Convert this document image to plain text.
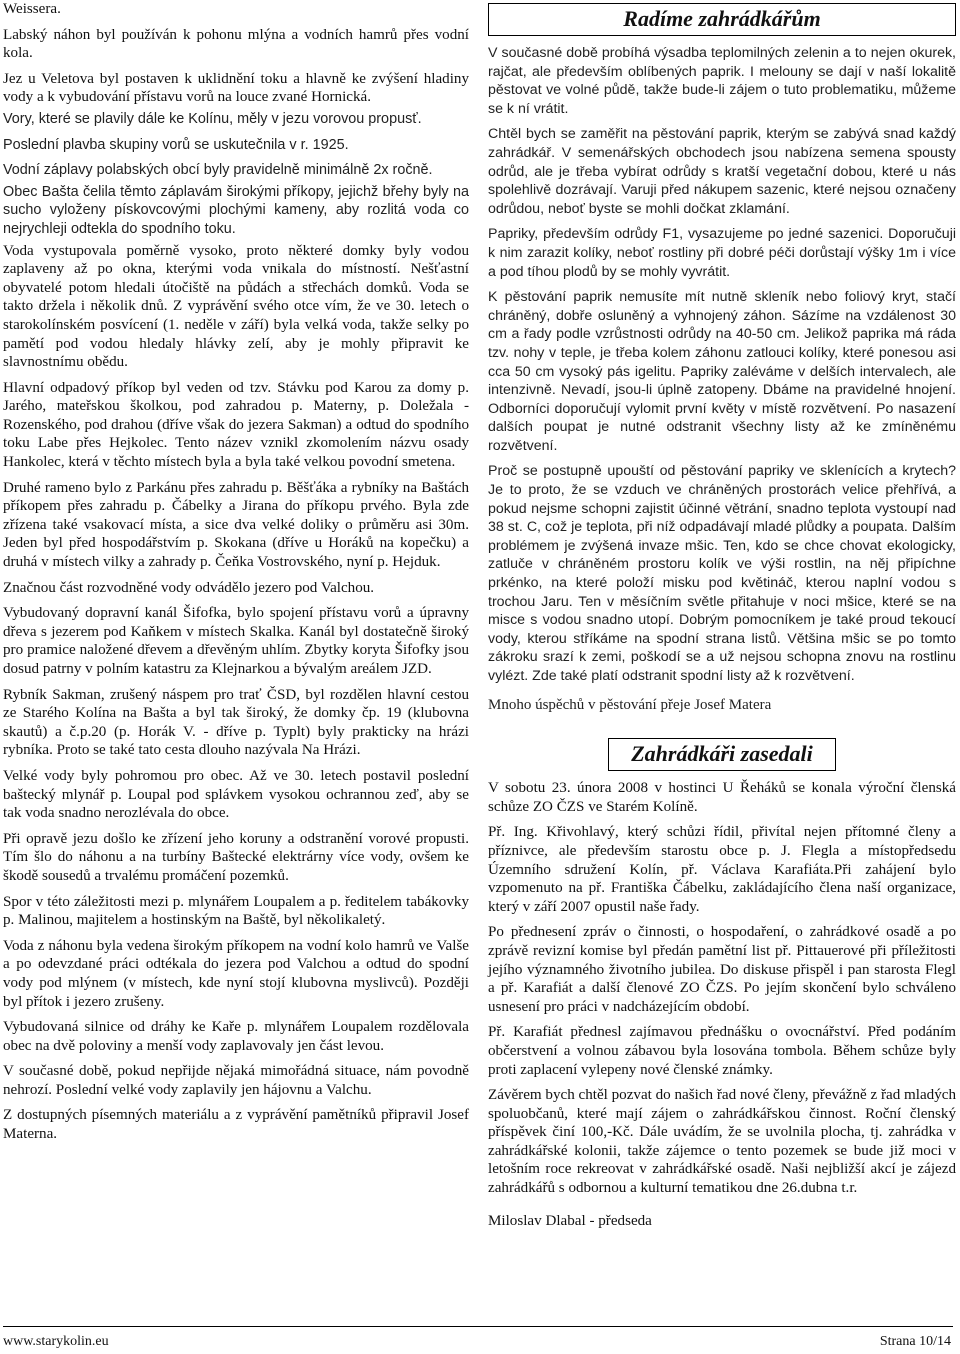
Weissera.

Labský náhon byl používán k pohonu mlýna a vodních hamrů přes vodní kola.

Jez u Veletova byl postaven k uklidnění toku a hlavně ke zvýšení hladiny vody a k vybudování přístavu vorů na louce zvané Hornická.

Vory, které se plavily dále ke Kolínu, měly v jezu vorovou propusť.

Poslední plavba skupiny vorů se uskutečnila v r. 1925.

Vodní záplavy polabských obcí byly pravidelně minimálně 2x ročně.

Obec Bašta čelila těmto záplavám širokými příkopy, jejichž břehy byly na sucho vyloženy pískovcovými plochými kameny, aby rozlitá voda co nejrychleji odtekla do spodního toku.

Voda vystupovala poměrně vysoko, proto některé domky byly vodou zaplaveny až po okna, kterými voda vnikala do místností. Nešťastní obyvatelé potom hledali útočiště na půdách a střechách domků. Voda se takto držela i několik dnů. Z vyprávění svého otce vím, že ve 30. letech o starokolínském posvícení (1. neděle v září) byla velká voda, takže selky po pamětí pod vodou hledaly hlávky zelí, aby je mohly připravit ke slavnostnímu obědu.

Hlavní odpadový příkop byl veden od tzv. Stávku pod Karou za domy p. Jarého, mateřskou školkou, pod zahradou p. Materny, p. Doležala - Rozenského, pod drahou (dříve však do jezera Sakman) a odtud do spodního toku Labe přes Hejkolec. Tento název vznikl zkomolením názvu osady Hankolec, která v těchto místech byla a byla také velkou povodní smetena.

Druhé rameno bylo z Parkánu přes zahradu p. Běšťáka a rybníky na Baštách příkopem přes zahradu p. Čábelky a Jirana do příkopu prvého. Byla zde zřízena také vsakovací místa, a sice dva velké doliky o průměru asi 30m. Jeden byl před hospodářstvím p. Skokana (dříve u Horáků na kopečku) a druhá v místech vilky a zahrady p. Čeňka Vostrovského, nyní p. Hejduk.

Značnou část rozvodněné vody odvádělo jezero pod Valchou.

Vybudovaný dopravní kanál Šifofka, bylo spojení přístavu vorů a úpravny dřeva s jezerem pod Kaňkem v místech Skalka. Kanál byl dostatečně široký pro pramice naložené dřevem a dřevěným uhlím. Zbytky koryta Šifofky jsou dosud patrny v polním katastru za Klejnarkou a bývalým areálem JZD.

Rybník Sakman, zrušený náspem pro trať ČSD, byl rozdělen hlavní cestou ze Starého Kolína na Bašta a byl tak široký, že domky čp. 19 (klubovna skautů) a č.p.20 (p. Horák V. - dříve p. Typlt) byly prakticky na hrázi rybníka. Proto se také tato cesta dlouho nazývala Na Hrázi.

Velké vody byly pohromou pro obec. Až ve 30. letech postavil poslední baštecký mlynář p. Loupal pod splávkem vysokou ochrannou zeď, aby se tak voda snadno nerozlévala do obce.

Při opravě jezu došlo ke zřízení jeho koruny a odstranění vorové propusti. Tím šlo do náhonu a na turbíny Baštecké elektrárny více vody, ovšem ke škodě sousedů a trvalému promáčení pozemků.

Spor v této záležitosti mezi p. mlynářem Loupalem a p. ředitelem tabákovky p. Malinou, majitelem a hostinským na Baště, byl několikaletý.

Voda z náhonu byla vedena širokým příkopem na vodní kolo hamrů ve Valše a po odevzdané práci odtékala do jezera pod Valchou a odtud do spodní vody pod mlýnem (v místech, kde nyní stojí klubovna myslivců). Později byl přítok i jezero zrušeny.

Vybudovaná silnice od dráhy ke Kaře p. mlynářem Loupalem rozdělovala obec na dvě poloviny a menší vody zaplavovaly jen část levou.

V současné době, pokud nepřijde nějaká mimořádná situace, nám povodně nehrozí. Poslední velké vody zaplavily jen hájovnu a Valchu.

Z dostupných písemných materiálu a z vyprávění pamětníků připravil Josef Materna.

Radíme zahrádkářům

V současné době probíhá výsadba teplomilných zelenin a to nejen okurek, rajčat, ale především oblíbených paprik. I melouny se dají v naší lokalitě pěstovat ve volné půdě, takže bude-li zájem o tuto problematiku, můžeme se k ní vrátit.

Chtěl bych se zaměřit na pěstování paprik, kterým se zabývá snad každý zahrádkář. V semenářských obchodech jsou nabízena semena spousty odrůd, ale je třeba vybírat odrůdy s kratší vegetační dobou, které u nás spolehlivě dozrávají. Varuji před nákupem sazenic, které nejsou označeny odrůdou, neboť byste se mohli dočkat zklamání.

Papriky, především odrůdy F1, vysazujeme po jedné sazenici. Doporučuji k nim zarazit kolíky, neboť rostliny při dobré péči dorůstají výšky 1m i více a pod tíhou plodů by se mohly vyvrátit.

K pěstování paprik nemusíte mít nutně skleník nebo foliový kryt, stačí chráněný, dobře osluněný a vyhnojený záhon. Sázíme na vzdálenost 30 cm a řady podle vzrůstnosti odrůdy na 40-50 cm. Jelikož paprika má ráda tzv. nohy v teple, je třeba kolem záhonu zatlouci kolíky, které ponesou asi cca 50 cm vysoký pás igelitu. Papriky zaléváme v delších intervalech, ale intenzivně. Nevadí, jsou-li úplně zatopeny. Dbáme na pravidelné hnojení. Odborníci doporučují vylomit první květy v místě rozvětvení. Po nasazení dalších poupat je nutné odstranit všechny listy až ke zmíněnému rozvětvení.

Proč se postupně upouští od pěstování papriky ve sklenících a krytech? Je to proto, že se vzduch ve chráněných prostorách velice přehřívá, a pokud nejsme schopni zajistit účinné větrání, snadno teplota vystoupí nad 38 st. C, což je teplota, při níž odpadávají mladé plůdky a poupata. Dalším problémem je zvýšená invaze mšic. Ten, kdo se chce chovat ekologicky, zatluče v chráněném prostoru kolík ve výši rostlin, na něj připíchne prkénko, na které položí misku pod květináč, kterou naplní vodou s trochou Jaru. Ten v měsíčním světle přitahuje v noci mšice, které se na misce s vodou snadno utopí. Dobrým pomocníkem je také proud tekoucí vody, kterou stříkáme na spodní strana listů. Většina mšic se po tomto zákroku srazí k zemi, poškodí se a už nejsou schopna znovu na rostlinu vylézt. Zde také platí odstranit spodní listy až k rozvětvení.

Mnoho úspěchů v pěstování přeje Josef Matera

Zahrádkáři zasedali

V sobotu 23. února 2008 v hostinci U Řeháků se konala výroční členská schůze ZO ČZS ve Starém Kolíně.

Př. Ing. Křivohlavý, který schůzi řídil, přivítal nejen přítomné členy a příznivce, ale především starostu obce p. J. Flegla a místopředsedu Územního sdružení Kolín, př. Václava Karafiáta.Při zahájení bylo vzpomenuto na př. Františka Čábelku, zakládajícího člena naší organizace, který v září 2007 opustil naše řady.

Po přednesení zpráv o činnosti, o hospodaření, o zahrádkové osadě a po zprávě revizní komise byl předán pamětní list př. Pittauerové při příležitosti jejího významného životního jubilea. Do diskuse přispěl i pan starosta Flegl a př. Karafiát a další členové ZO ČZS. Po jejím skončení bylo schváleno usnesení pro práci v nadcházejícím období.

Př. Karafiát přednesl zajímavou přednášku o ovocnářství. Před podáním občerstvení a volnou zábavou byla losována tombola. Během schůze byly proti zaplacení vylepeny nové členské známky.

Závěrem bych chtěl pozvat do našich řad nové členy, převážně z řad mladých spoluobčanů, které mají zájem o zahrádkářskou činnost. Roční členský příspěvek činí 100,-Kč. Dále uvádím, že se uvolnila plocha, tj. zahrádka v zahrádkářské kolonii, takže zájemce o tento pozemek se bude již moci v letošním roce rekreovat v zahrádkářské osadě. Naši nejbližší akcí je zájezd zahrádkářů s odbornou a kulturní tematikou dne 26.dubna t.r.

Miloslav Dlabal - předseda

www.starykolin.eu	Strana 10/14
